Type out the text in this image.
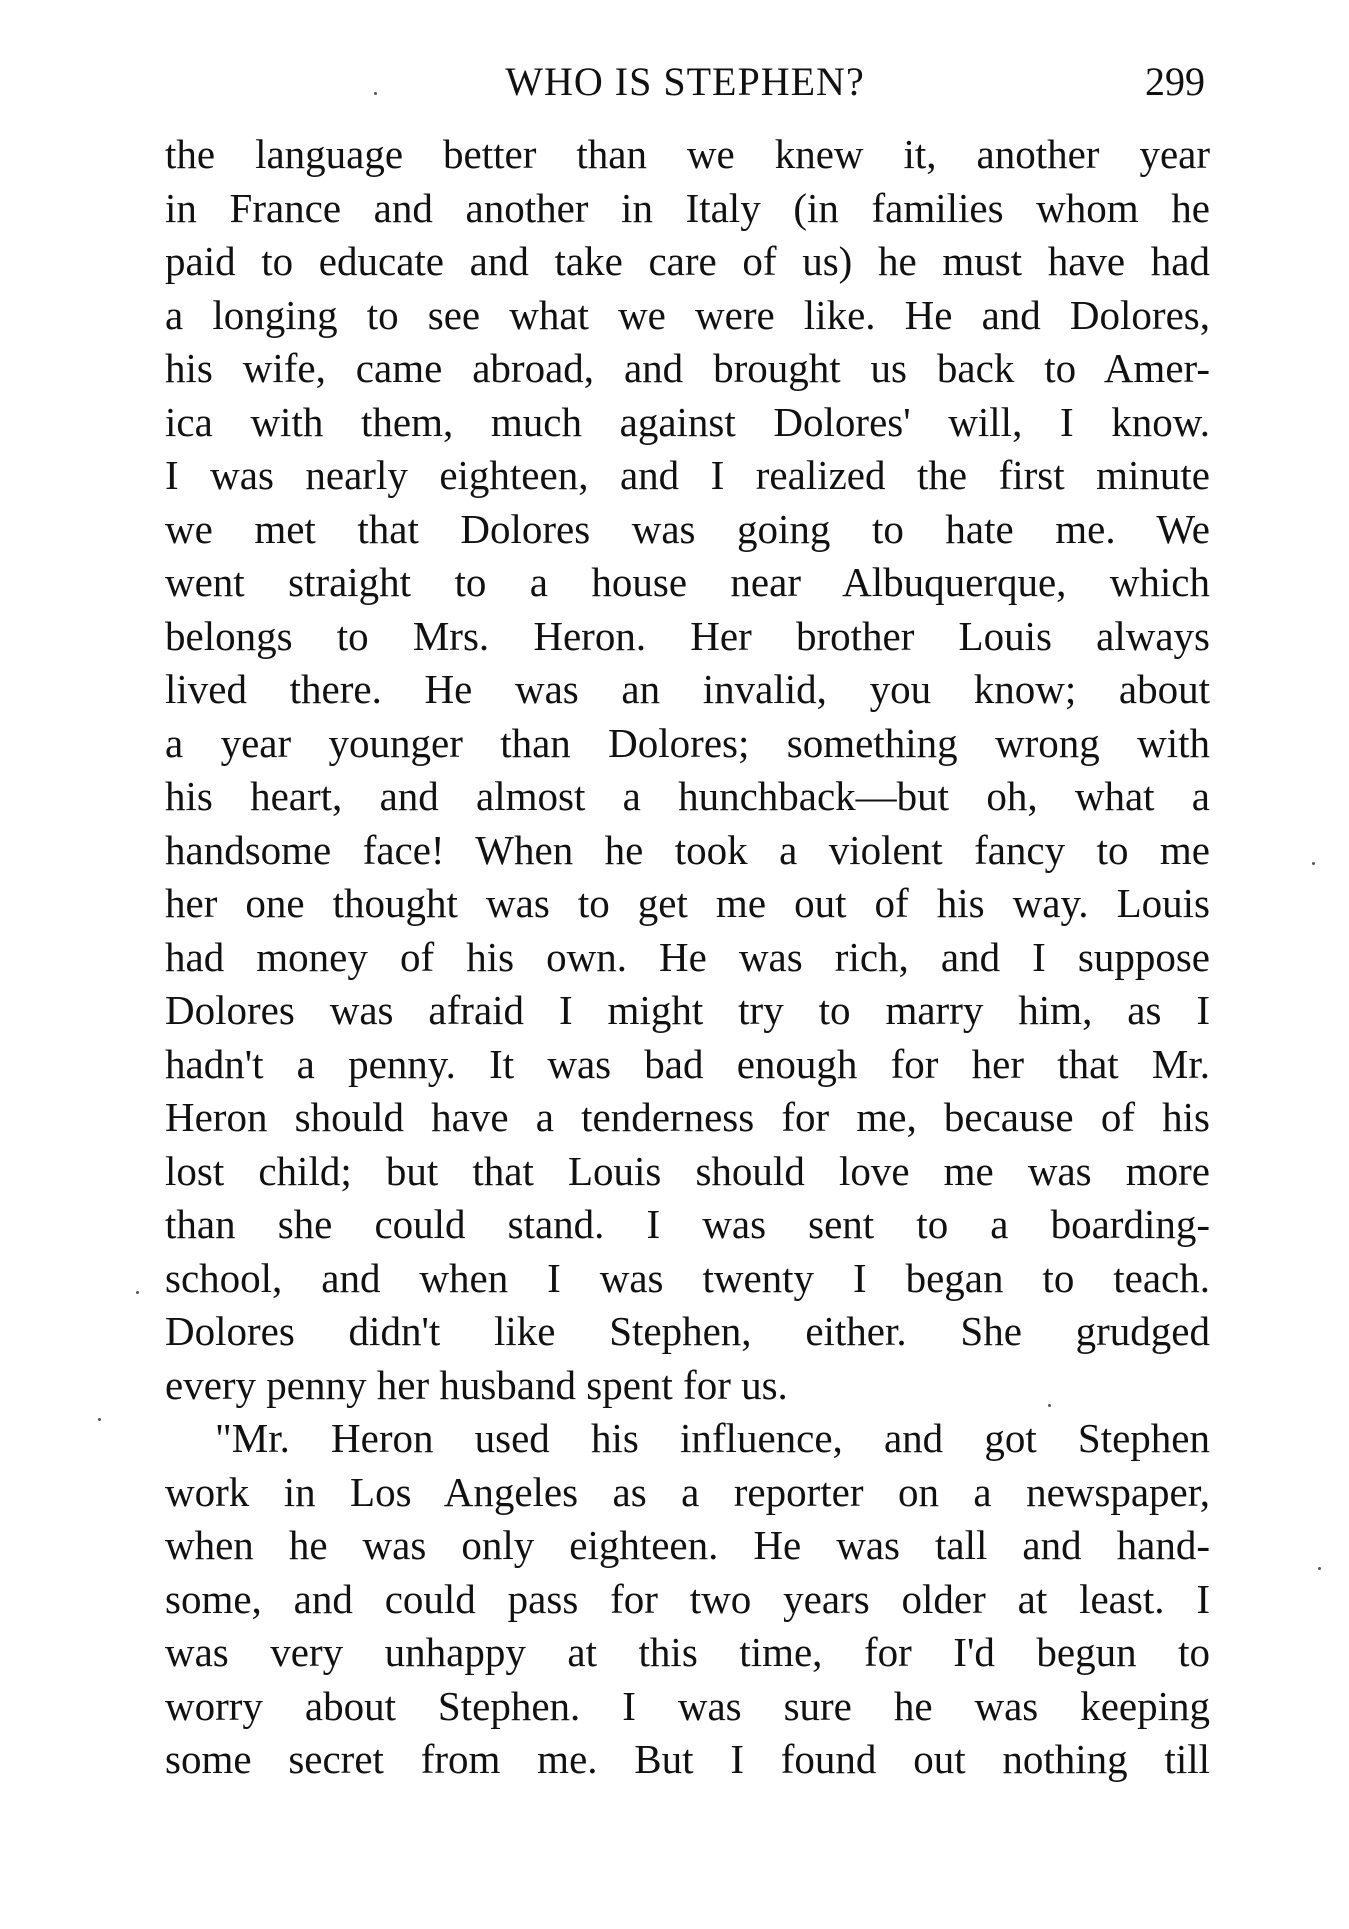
WHO IS STEPHEN?	299
the language better than we knew it, another year
in France and another in Italy (in families whom he
paid to educate and take care of us) he must have had
a longing to see what we were like. He and Dolores,
his wife, came abroad, and brought us back to Amer-
ica with them, much against Dolores' will, I know.
I was nearly eighteen, and I realized the first minute
we met that Dolores was going to hate me. We
went straight to a house near Albuquerque, which
belongs to Mrs. Heron. Her brother Louis always
lived there. He was an invalid, you know; about
a year younger than Dolores; something wrong with
his heart, and almost a hunchback—but oh, what a
handsome face! When he took a violent fancy to me
her one thought was to get me out of his way. Louis
had money of his own. He was rich, and I suppose
Dolores was afraid I might try to marry him, as I
hadn't a penny. It was bad enough for her that Mr.
Heron should have a tenderness for me, because of his
lost child; but that Louis should love me was more
than she could stand. I was sent to a boarding-
school, and when I was twenty I began to teach.
Dolores didn't like Stephen, either. She grudged
every penny her husband spent for us.
"Mr. Heron used his influence, and got Stephen
work in Los Angeles as a reporter on a newspaper,
when he was only eighteen. He was tall and hand-
some, and could pass for two years older at least. I
was very unhappy at this time, for I'd begun to
worry about Stephen. I was sure he was keeping
some secret from me. But I found out nothing till
